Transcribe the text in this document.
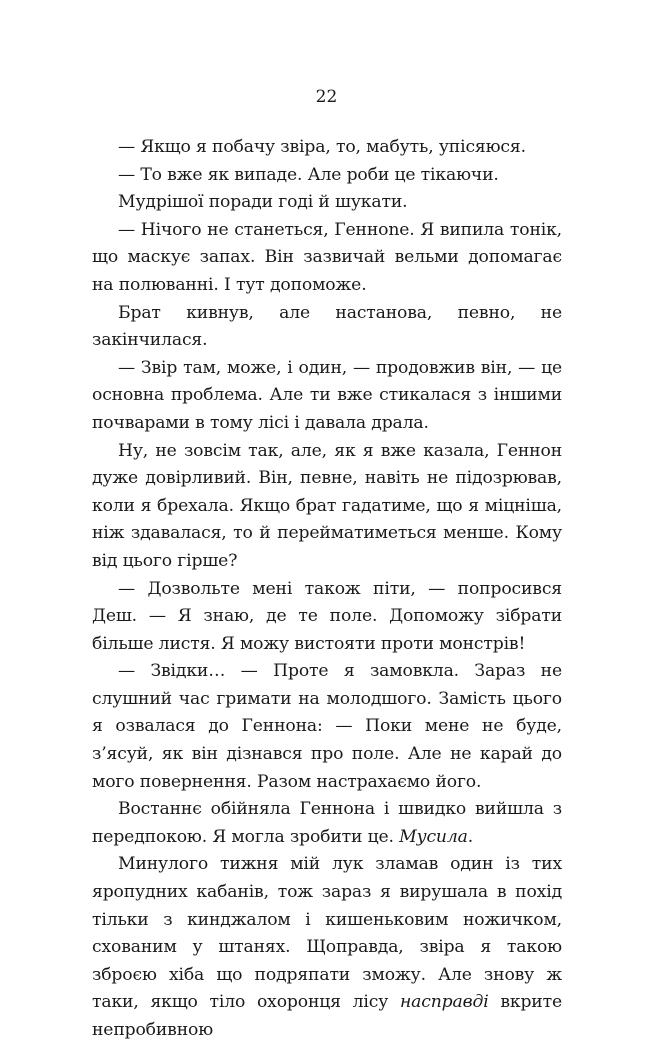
22

— Якщо я побачу звіра, то, мабуть, упісяюся.

— То вже як випаде. Але роби це тікаючи.

Мудрішої поради годі й шукати.

— Нічого не станеться, Геннone. Я випила тонік, що маскує запах. Він зазвичай вельми допомагає на полюванні. І тут допоможе.

Брат кивнув, але настанова, певно, не закінчилася.

— Звір там, може, і один, — продовжив він, — це основна проблема. Але ти вже стикалася з іншими почварами в тому лісі і давала драла.

Ну, не зовсім так, але, як я вже казала, Геннон дуже довірливий. Він, певне, навіть не підозрював, коли я брехала. Якщо брат гадатиме, що я міцніша, ніж здавалася, то й перейматиметься менше. Кому від цього гірше?

— Дозвольте мені також піти, — попросився Деш. — Я знаю, де те поле. Допоможу зібрати більше листя. Я можу вистояти проти монстрів!

— Звідки… — Проте я замовкла. Зараз не слушний час гримати на молодшого. Замість цього я озвалася до Геннона: — Поки мене не буде, з’ясуй, як він дізнався про поле. Але не карай до мого повернення. Разом настрахаємо його.

Востаннє обійняла Геннона і швидко вийшла з передпокою. Я могла зробити це. Мусила.

Минулого тижня мій лук зламав один із тих яропудних кабанів, тож зараз я вирушала в похід тільки з кинджалом і кишеньковим ножичком, схованим у штанях. Щоправда, звіра я такою зброєю хіба що подряпати зможу. Але знову ж таки, якщо тіло охоронця лісу насправді вкрите непробивною
